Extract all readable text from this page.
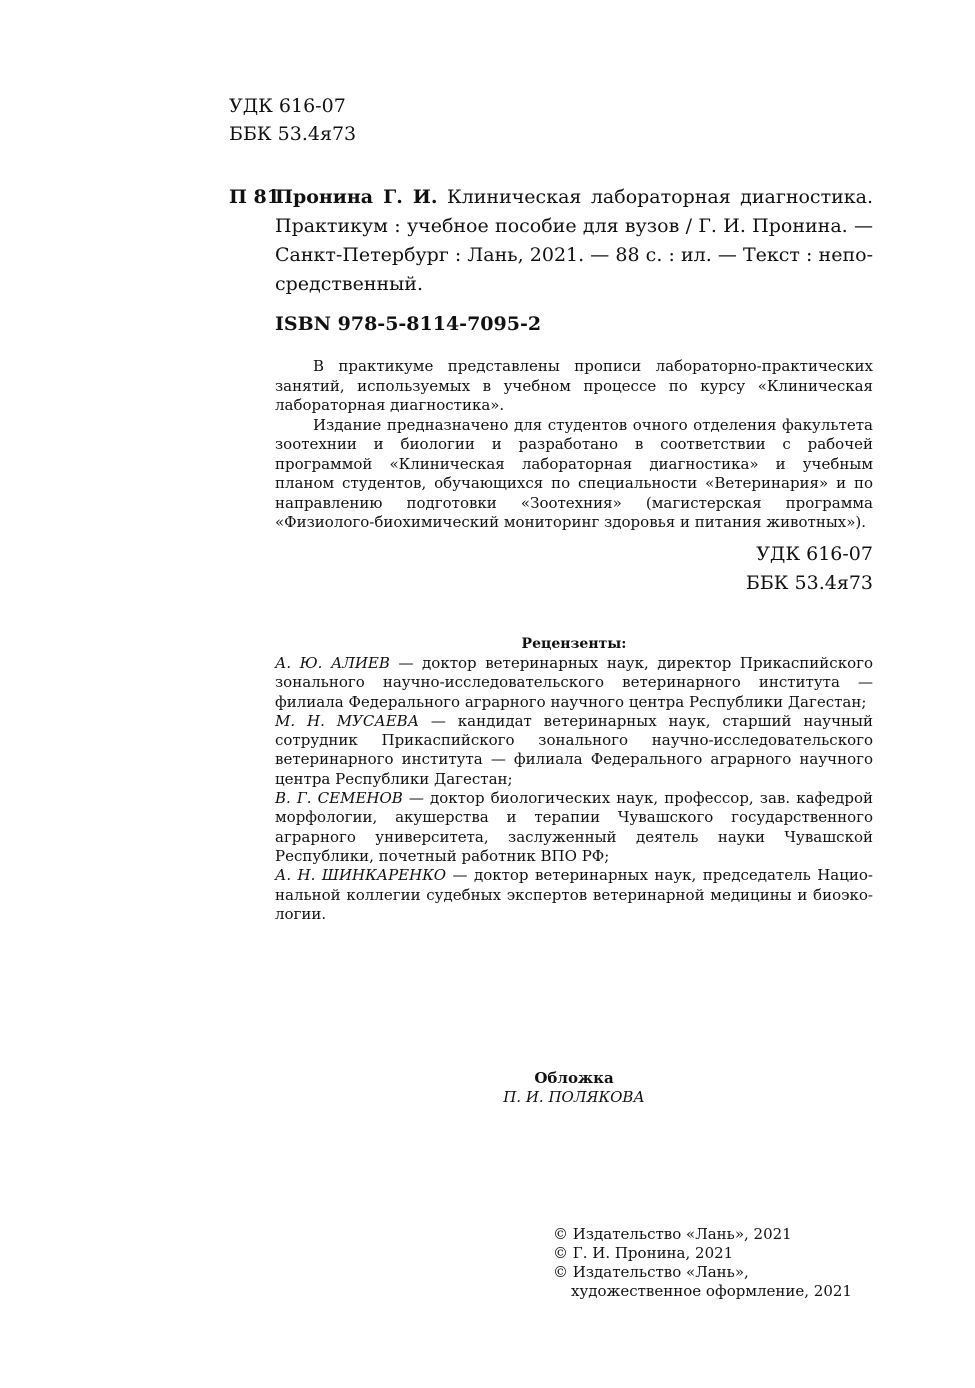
УДК 616-07
ББК 53.4я73
П 81
Пронина Г. И. Клиническая лабораторная диагностика. Практикум : учебное пособие для вузов / Г. И. Пронина. — Санкт-Петербург : Лань, 2021. — 88 с. : ил. — Текст : непосредственный.
ISBN 978-5-8114-7095-2

В практикуме представлены прописи лабораторно-практических занятий, используемых в учебном процессе по курсу «Клиническая лабораторная диагностика».

Издание предназначено для студентов очного отделения факультета зоотехнии и биологии и разработано в соответствии с рабочей программой «Клиническая лабораторная диагностика» и учебным планом студентов, обучающихся по специальности «Ветеринария» и по направлению подготовки «Зоотехния» (магистерская программа «Физиолого-биохимический мониторинг здоровья и питания животных»).

УДК 616-07
ББК 53.4я73
Рецензенты:

А. Ю. АЛИЕВ — доктор ветеринарных наук, директор Прикаспийского зонального научно-исследовательского ветеринарного института — филиала Федерального аграрного научного центра Республики Дагестан;

М. Н. МУСАЕВА — кандидат ветеринарных наук, старший научный сотрудник Прикаспийского зонального научно-исследовательского ветеринарного института — филиала Федерального аграрного научного центра Республики Дагестан;

В. Г. СЕМЕНОВ — доктор биологических наук, профессор, зав. кафедрой морфологии, акушерства и терапии Чувашского государственного аграрного университета, заслуженный деятель науки Чувашской Республики, почетный работник ВПО РФ;

А. Н. ШИНКАРЕНКО — доктор ветеринарных наук, председатель Национальной коллегии судебных экспертов ветеринарной медицины и биоэкологии.

Обложка
П. И. ПОЛЯКОВА
© Издательство «Лань», 2021
© Г. И. Пронина, 2021
© Издательство «Лань»,
художественное оформление, 2021
